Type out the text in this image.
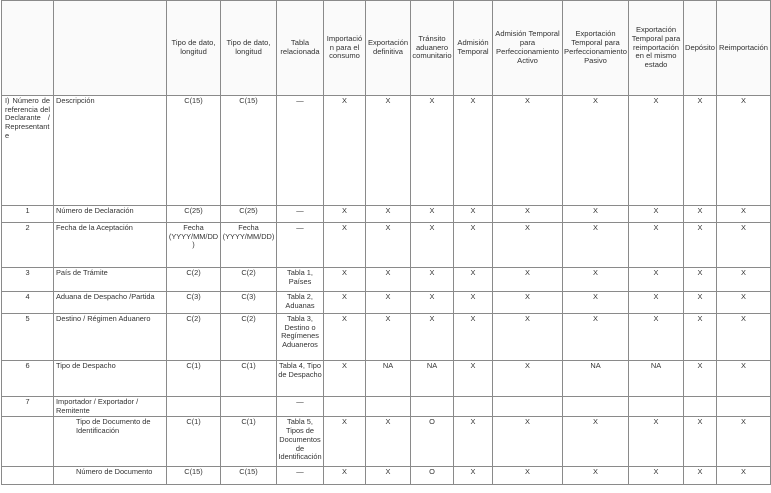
		Tipo de dato, longitud	Tipo de dato, longitud	Tabla relacionada	Importación para el consumo	Exportación definitiva	Tránsito aduanero comunitario	Admisión Temporal	Admisión Temporal para Perfeccionamiento Activo	Exportación Temporal para Perfeccionamiento Pasivo	Exportación Temporal para reimportación en el mismo estado	Depósito	Reimportación
I) Número de referencia del Declarante / Representante	Descripción	C(15)	C(15)	—	X	X	X	X	X	X	X	X	X
1	Número de Declaración	C(25)	C(25)	—	X	X	X	X	X	X	X	X	X
2	Fecha de la Aceptación	Fecha (YYYY/MM/DD)	Fecha (YYYY/MM/DD)	—	X	X	X	X	X	X	X	X	X
3	País de Trámite	C(2)	C(2)	Tabla 1, Países	X	X	X	X	X	X	X	X	X
4	Aduana de Despacho /Partida	C(3)	C(3)	Tabla 2, Aduanas	X	X	X	X	X	X	X	X	X
5	Destino / Régimen Aduanero	C(2)	C(2)	Tabla 3, Destino o Regímenes Aduaneros	X	X	X	X	X	X	X	X	X
6	Tipo de Despacho	C(1)	C(1)	Tabla 4, Tipo de Despacho	X	NA	NA	X	X	NA	NA	X	X
7	Importador / Exportador / Remitente			—									
	Tipo de Documento de Identificación	C(1)	C(1)	Tabla 5, Tipos de Documentos de Identificación	X	X	O	X	X	X	X	X	X
	Número de Documento	C(15)	C(15)	—	X	X	O	X	X	X	X	X	X
